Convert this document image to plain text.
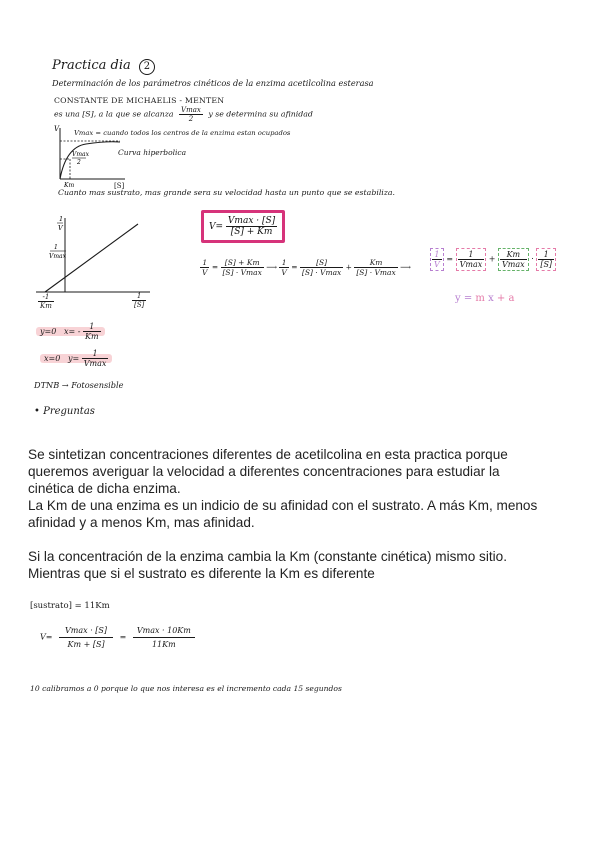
Practica dia 2
Determinación de los parámetros cinéticos de la enzima acetilcolina esterasa
CONSTANTE DE MICHAELIS - MENTEN
es una [S], a la que se alcanza $\frac{Vmax}{2}$ y se determina su afinidad
Vmax = cuando todos los centros de la enzima estan ocupados
V
Vmax
2
Km
Curva hiperbolica
[S]
Cuanto mas sustrato, mas grande sera su velocidad hasta un punto que se estabiliza.
1
V
1
Vmax
$\frac{-1}{Km}$	$\frac{1}{[S]}$
$V= \frac{Vmax \cdot [S]}{[S] + Km}$
$\frac{1}{V} = \frac{[S] + Km}{[S] \cdot Vmax}$ ⟶ $\frac{1}{V} = \frac{[S]}{[S] \cdot Vmax} + \frac{Km}{[S] \cdot Vmax}$ ⟶ $\frac{1}{V} = \frac{1}{Vmax} + \frac{Km}{Vmax} \cdot \frac{1}{[S]}$
y = m x + a
y=0 $x= - \frac{1}{Km}$
x=0 $y= \frac{1}{Vmax}$
DTNB → Fotosensible
• Preguntas

Se sintetizan concentraciones diferentes de acetilcolina en esta practica porque

queremos averiguar la velocidad a diferentes concentraciones para estudiar la

cinética de dicha enzima.

La Km de una enzima es un indicio de su afinidad con el sustrato. A más Km, menos

afinidad y a menos Km, mas afinidad.

Si la concentración de la enzima cambia la Km (constante cinética) mismo sitio.

Mientras que si el sustrato es diferente la Km es diferente

[sustrato] = 11Km
$V= \frac{Vmax \cdot [S]}{Km + [S]} = \frac{Vmax \cdot 10Km}{11Km}$
10 calibramos a 0 porque lo que nos interesa es el incremento cada 15 segundos
